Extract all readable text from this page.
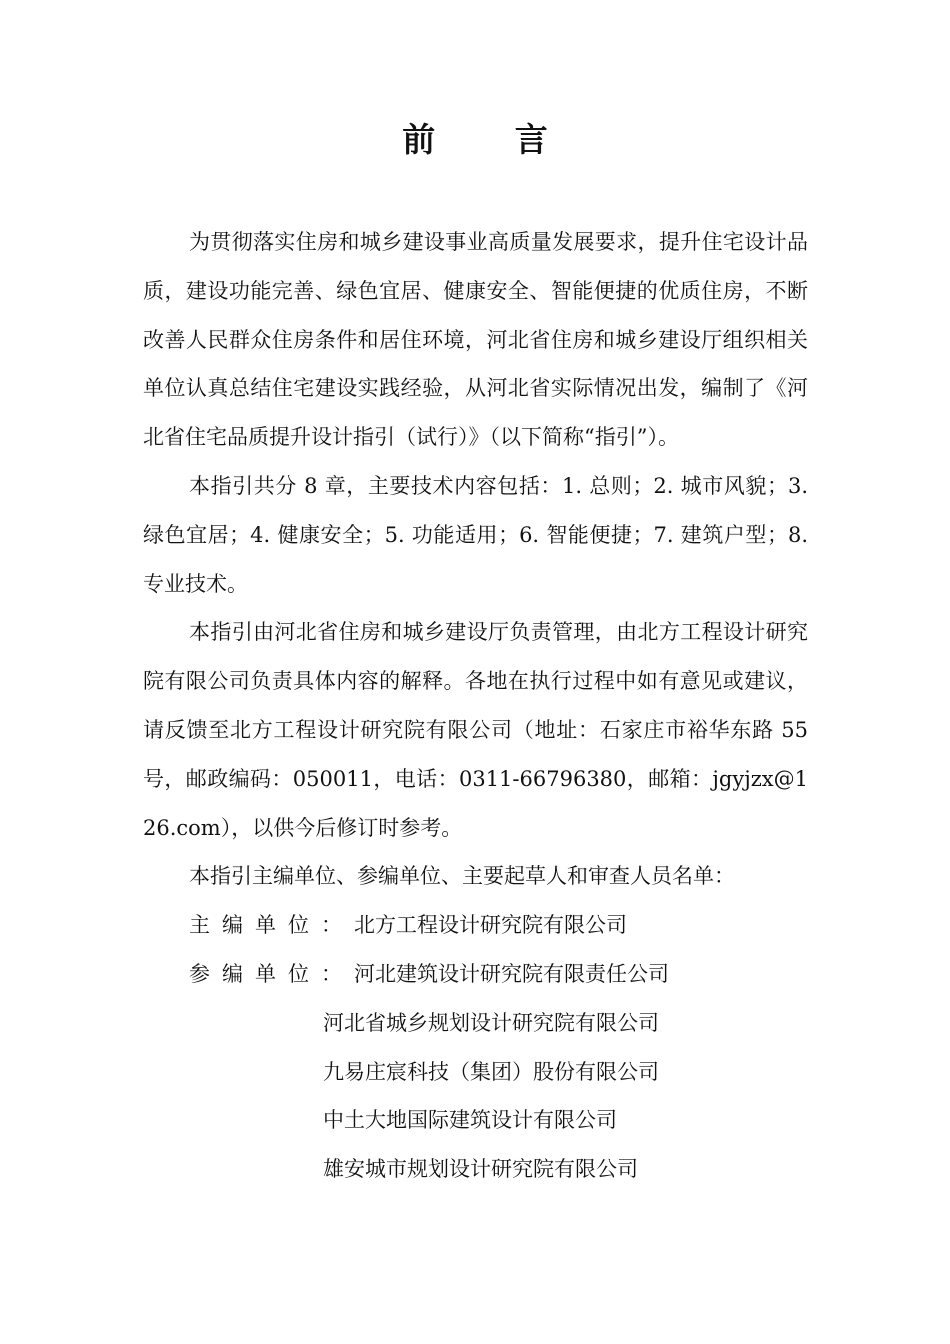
前 言

为贯彻落实住房和城乡建设事业高质量发展要求，提升住宅设计品质，建设功能完善、绿色宜居、健康安全、智能便捷的优质住房，不断改善人民群众住房条件和居住环境，河北省住房和城乡建设厅组织相关单位认真总结住宅建设实践经验，从河北省实际情况出发，编制了《河北省住宅品质提升设计指引（试行）》（以下简称“指引”）。

本指引共分 8 章，主要技术内容包括：1. 总则；2. 城市风貌；3. 绿色宜居；4. 健康安全；5. 功能适用；6. 智能便捷；7. 建筑户型；8. 专业技术。

本指引由河北省住房和城乡建设厅负责管理，由北方工程设计研究院有限公司负责具体内容的解释。各地在执行过程中如有意见或建议，请反馈至北方工程设计研究院有限公司（地址：石家庄市裕华东路 55 号，邮政编码：050011，电话：0311-66796380，邮箱：jgyjzx@126.com），以供今后修订时参考。

本指引主编单位、参编单位、主要起草人和审查人员名单：

主编单位：北方工程设计研究院有限公司

参编单位：河北建筑设计研究院有限责任公司

河北省城乡规划设计研究院有限公司

九易庄宸科技（集团）股份有限公司

中土大地国际建筑设计有限公司

雄安城市规划设计研究院有限公司
